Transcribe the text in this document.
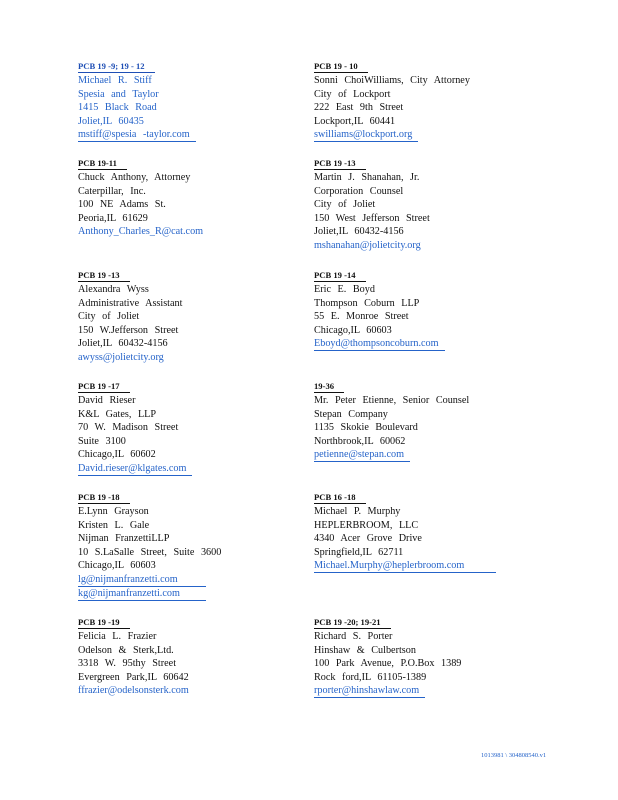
PCB 19 -9; 19 - 12
Michael R. Stiff
Spesia and Taylor
1415 Black Road
Joliet,IL 60435
mstiff@spesia -taylor.com
PCB 19 - 10
Sonni ChoiWilliams, City Attorney
City of Lockport
222 East 9th Street
Lockport,IL 60441
swilliams@lockport.org
PCB 19-11
Chuck Anthony, Attorney
Caterpillar, Inc.
100 NE Adams St.
Peoria,IL 61629
Anthony_Charles_R@cat.com
PCB 19 -13
Martin J. Shanahan, Jr.
Corporation Counsel
City of Joliet
150 West Jefferson Street
Joliet,IL 60432-4156
mshanahan@jolietcity.org
PCB 19 -13
Alexandra Wyss
Administrative Assistant
City of Joliet
150 W.Jefferson Street
Joliet,IL 60432-4156
awyss@jolietcity.org
PCB 19 -14
Eric E. Boyd
Thompson Coburn LLP
55 E. Monroe Street
Chicago,IL 60603
Eboyd@thompsoncoburn.com
PCB 19 -17
David Rieser
K&L Gates, LLP
70 W. Madison Street
Suite 3100
Chicago,IL 60602
David.rieser@klgates.com
19-36
Mr. Peter Etienne, Senior Counsel
Stepan Company
1135 Skokie Boulevard
Northbrook,IL 60062
petienne@stepan.com
PCB 19 -18
E.Lynn Grayson
Kristen L. Gale
Nijman FranzettiLLP
10 S.LaSalle Street, Suite 3600
Chicago,IL 60603
lg@nijmanfranzetti.com
kg@nijmanfranzetti.com
PCB 16 -18
Michael P. Murphy
HEPLERBROOM, LLC
4340 Acer Grove Drive
Springfield,IL 62711
Michael.Murphy@heplerbroom.com
PCB 19 -19
Felicia L. Frazier
Odelson & Sterk,Ltd.
3318 W. 95thy Street
Evergreen Park,IL 60642
ffrazier@odelsonsterk.com
PCB 19 -20; 19-21
Richard S. Porter
Hinshaw & Culbertson
100 Park Avenue, P.O.Box 1389
Rock ford,IL 61105-1389
rporter@hinshawlaw.com
1013981 \ 304808540.v1
